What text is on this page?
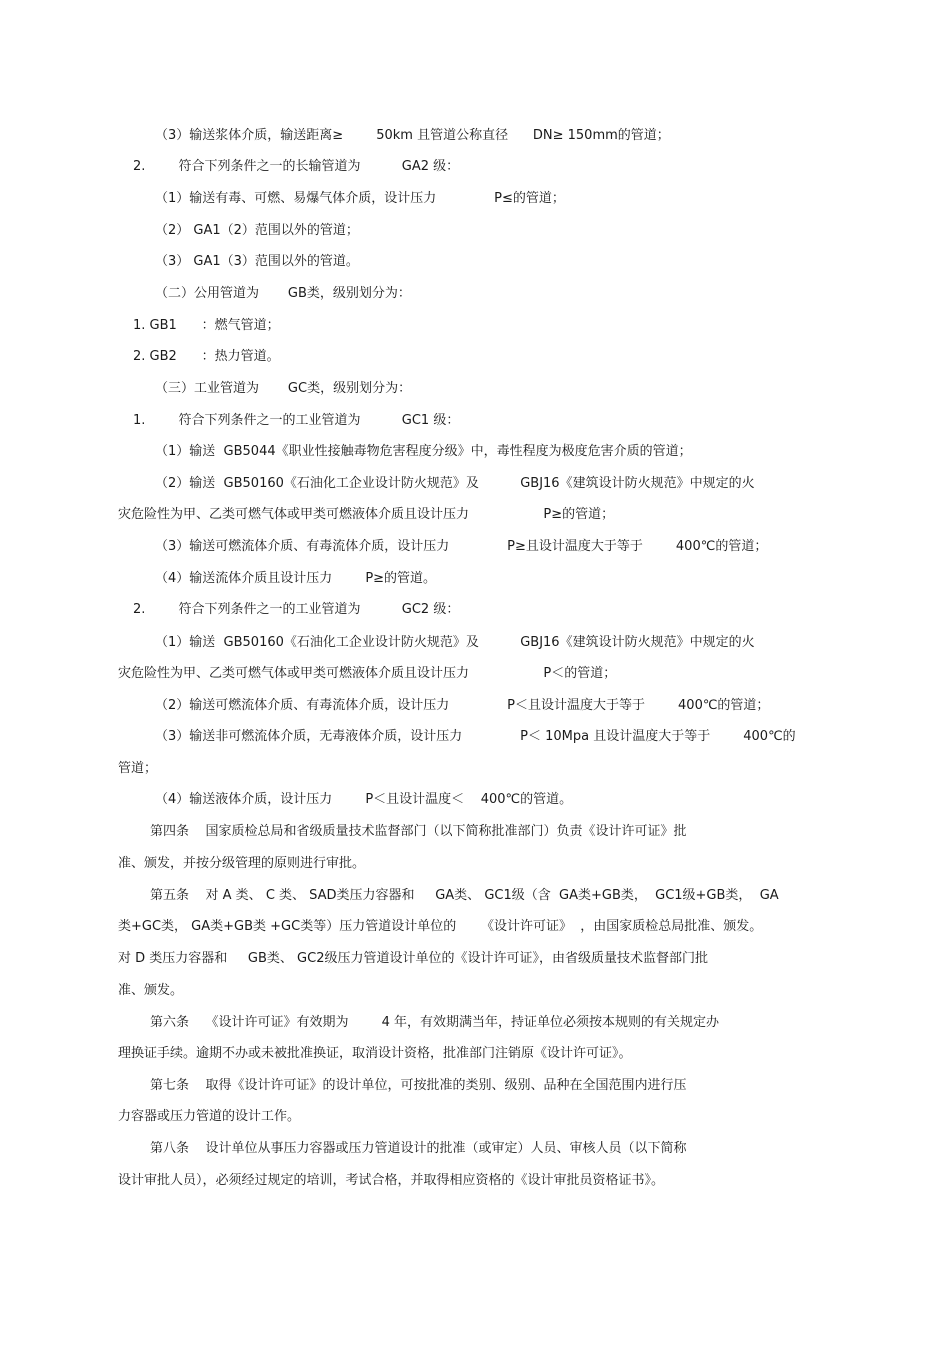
（3）输送浆体介质，输送距离≥        50km 且管道公称直径      DN≥ 150mm的管道；
2.        符合下列条件之一的长输管道为          GA2 级：
（1）输送有毒、可燃、易爆气体介质，设计压力              P≤的管道；
（2） GA1（2）范围以外的管道；
（3） GA1（3）范围以外的管道。
（二）公用管道为       GB类，级别划分为：
1. GB1      ：燃气管道；
2. GB2      ：热力管道。
（三）工业管道为       GC类，级别划分为：
1.        符合下列条件之一的工业管道为          GC1 级：
（1）输送  GB5044《职业性接触毒物危害程度分级》中，毒性程度为极度危害介质的管道；
（2）输送  GB50160《石油化工企业设计防火规范》及          GBJ16《建筑设计防火规范》中规定的火
灾危险性为甲、乙类可燃气体或甲类可燃液体介质且设计压力                  P≥的管道；
（3）输送可燃流体介质、有毒流体介质，设计压力              P≥且设计温度大于等于        400℃的管道；
（4）输送流体介质且设计压力        P≥的管道。
2.        符合下列条件之一的工业管道为          GC2 级：
（1）输送  GB50160《石油化工企业设计防火规范》及          GBJ16《建筑设计防火规范》中规定的火
灾危险性为甲、乙类可燃气体或甲类可燃液体介质且设计压力                  P＜的管道；
（2）输送可燃流体介质、有毒流体介质，设计压力              P＜且设计温度大于等于        400℃的管道；
（3）输送非可燃流体介质，无毒液体介质，设计压力              P＜ 10Mpa 且设计温度大于等于        400℃的
管道；
（4）输送液体介质，设计压力        P＜且设计温度＜    400℃的管道。
第四条    国家质检总局和省级质量技术监督部门（以下简称批准部门）负责《设计许可证》批
准、颁发，并按分级管理的原则进行审批。
第五条    对 A 类、 C 类、 SAD类压力容器和     GA类、 GC1级（含  GA类+GB类，  GC1级+GB类，  GA
类+GC类， GA类+GB类 +GC类等）压力管道设计单位的      《设计许可证》  ，由国家质检总局批准、颁发。
对 D 类压力容器和     GB类、 GC2级压力管道设计单位的《设计许可证》，由省级质量技术监督部门批
准、颁发。
第六条    《设计许可证》有效期为        4 年，有效期满当年，持证单位必须按本规则的有关规定办
理换证手续。逾期不办或未被批准换证，取消设计资格，批准部门注销原《设计许可证》。
第七条    取得《设计许可证》的设计单位，可按批准的类别、级别、品种在全国范围内进行压
力容器或压力管道的设计工作。
第八条    设计单位从事压力容器或压力管道设计的批准（或审定）人员、审核人员（以下简称
设计审批人员），必须经过规定的培训，考试合格，并取得相应资格的《设计审批员资格证书》。
